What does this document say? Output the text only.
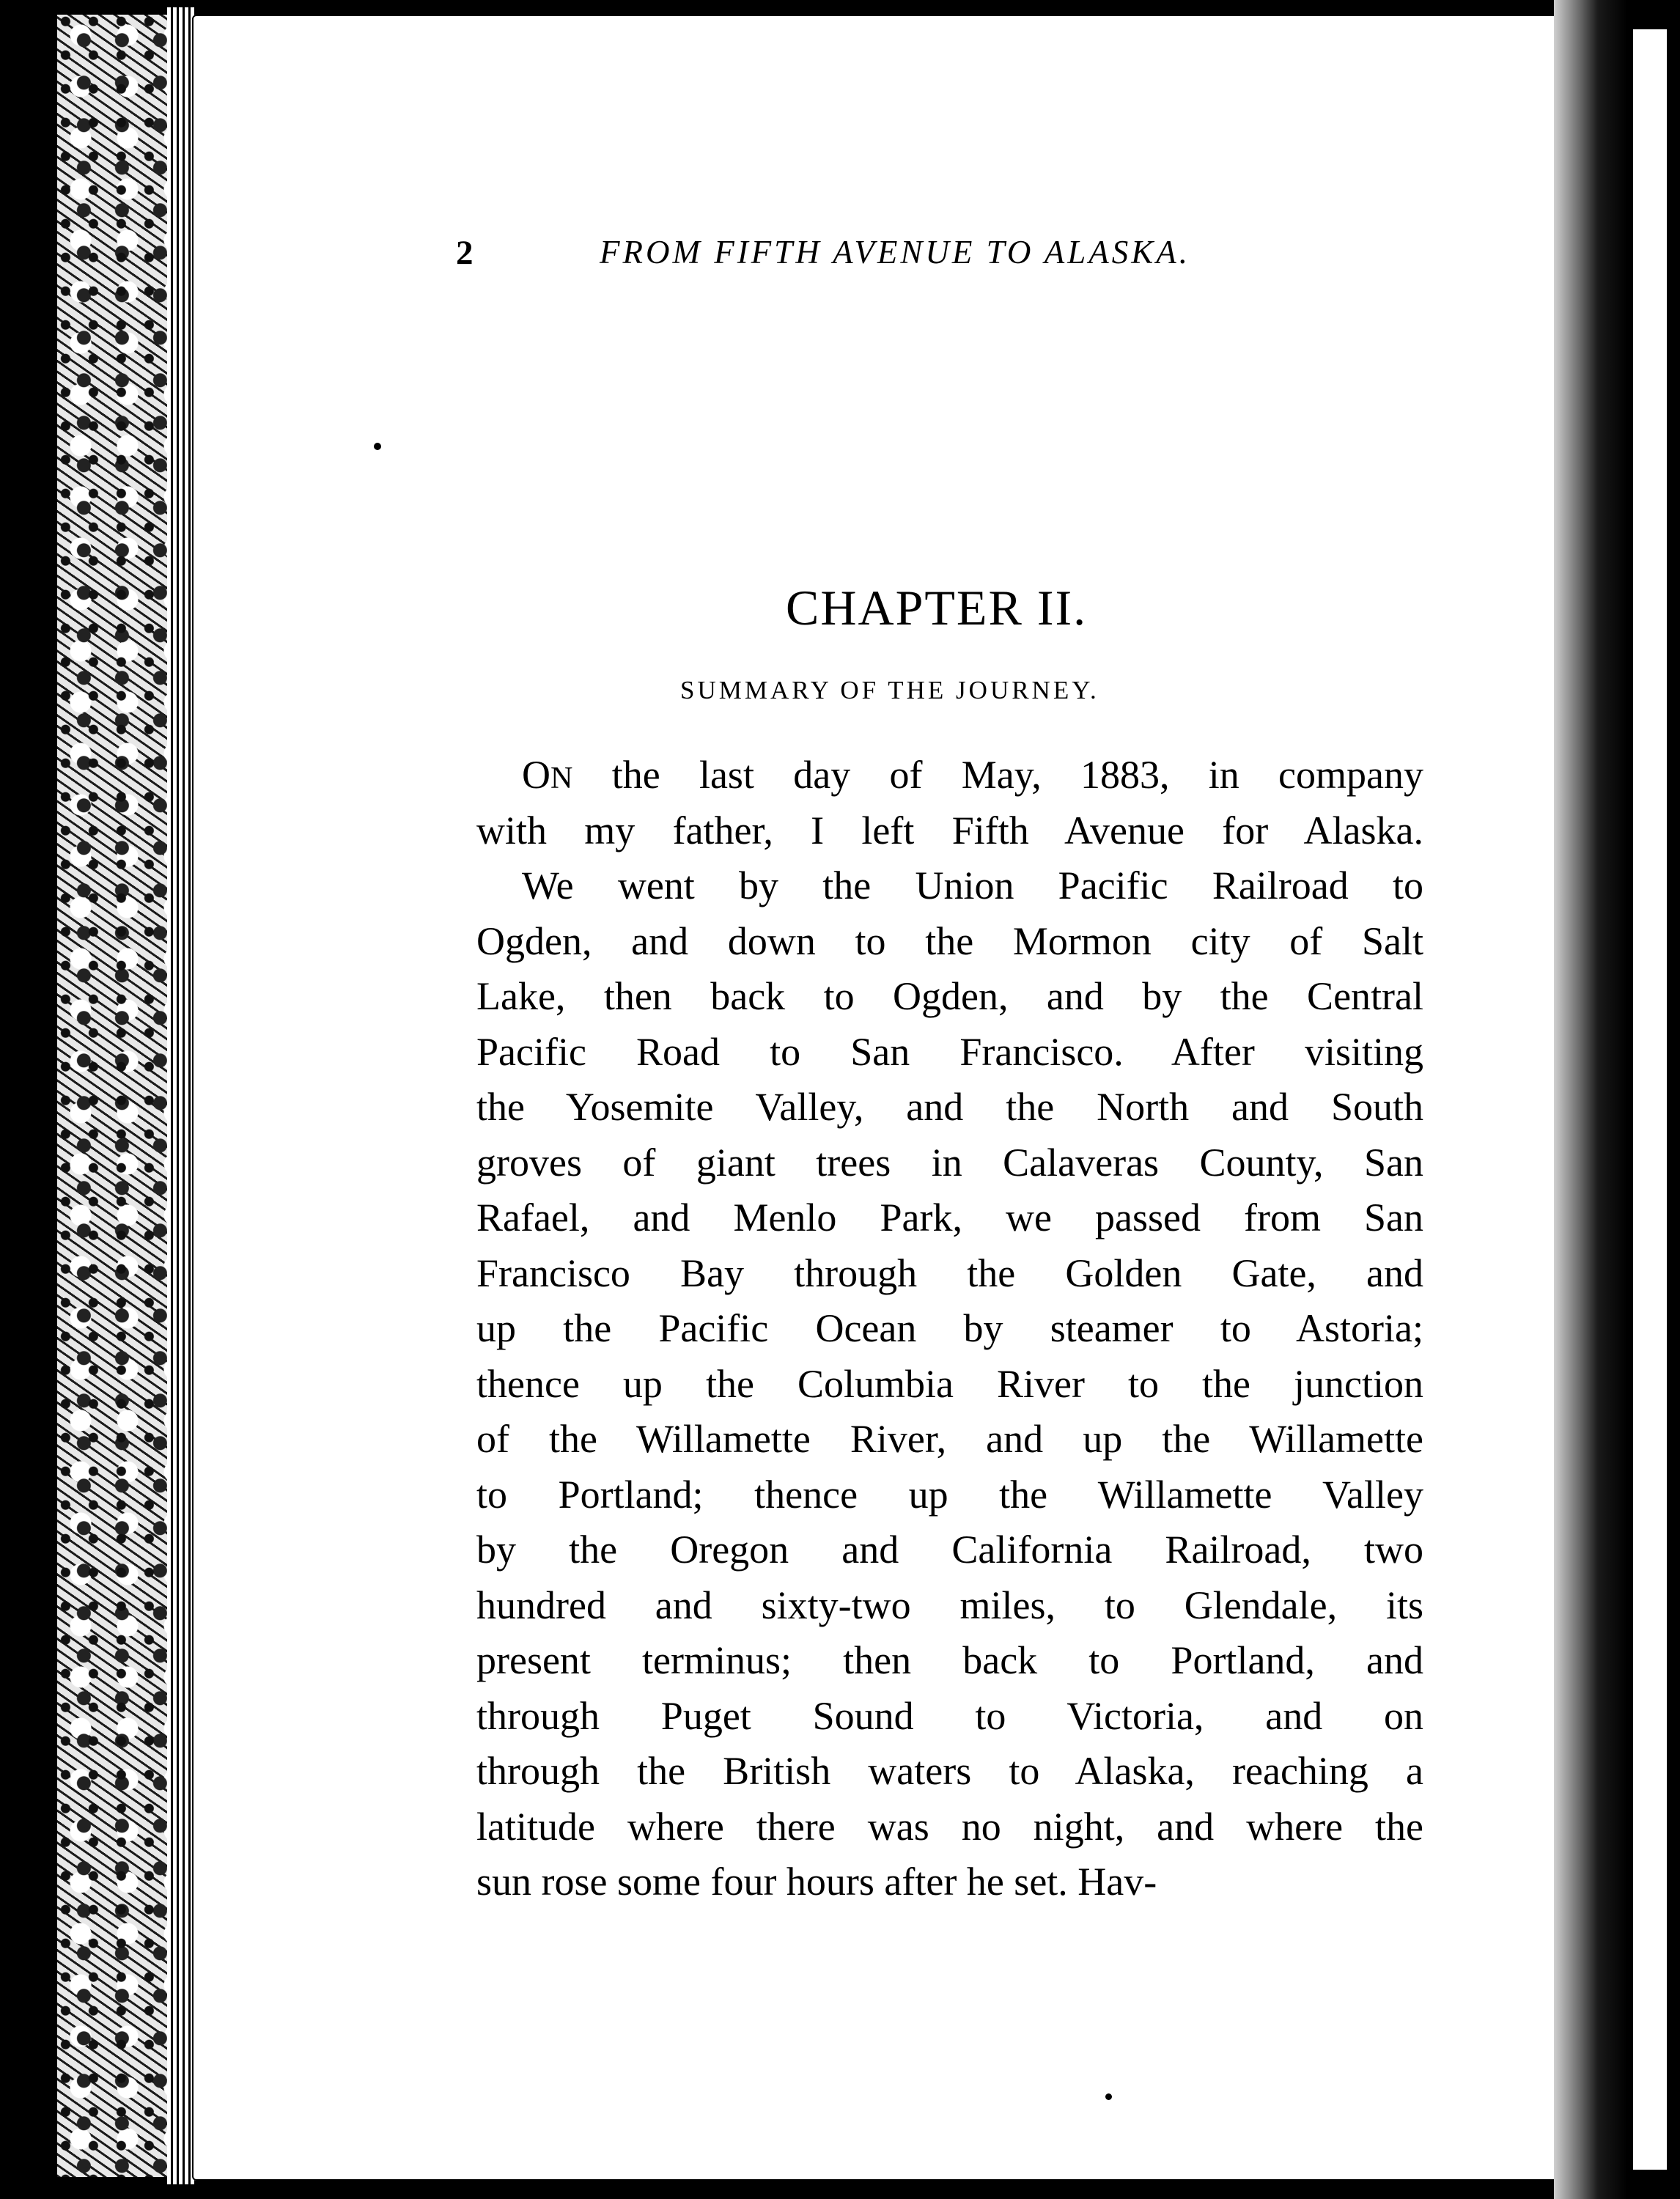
2	FROM FIFTH AVENUE TO ALASKA.
CHAPTER II.
SUMMARY OF THE JOURNEY.
ON the last day of May, 1883, in company
with my father, I left Fifth Avenue for Alaska.
We went by the Union Pacific Railroad to
Ogden, and down to the Mormon city of Salt
Lake, then back to Ogden, and by the Central
Pacific Road to San Francisco. After visiting
the Yosemite Valley, and the North and South
groves of giant trees in Calaveras County, San
Rafael, and Menlo Park, we passed from San
Francisco Bay through the Golden Gate, and
up the Pacific Ocean by steamer to Astoria;
thence up the Columbia River to the junction
of the Willamette River, and up the Willamette
to Portland; thence up the Willamette Valley
by the Oregon and California Railroad, two
hundred and sixty-two miles, to Glendale, its
present terminus; then back to Portland, and
through Puget Sound to Victoria, and on
through the British waters to Alaska, reaching a
latitude where there was no night, and where the
sun rose some four hours after he set. Hav-
